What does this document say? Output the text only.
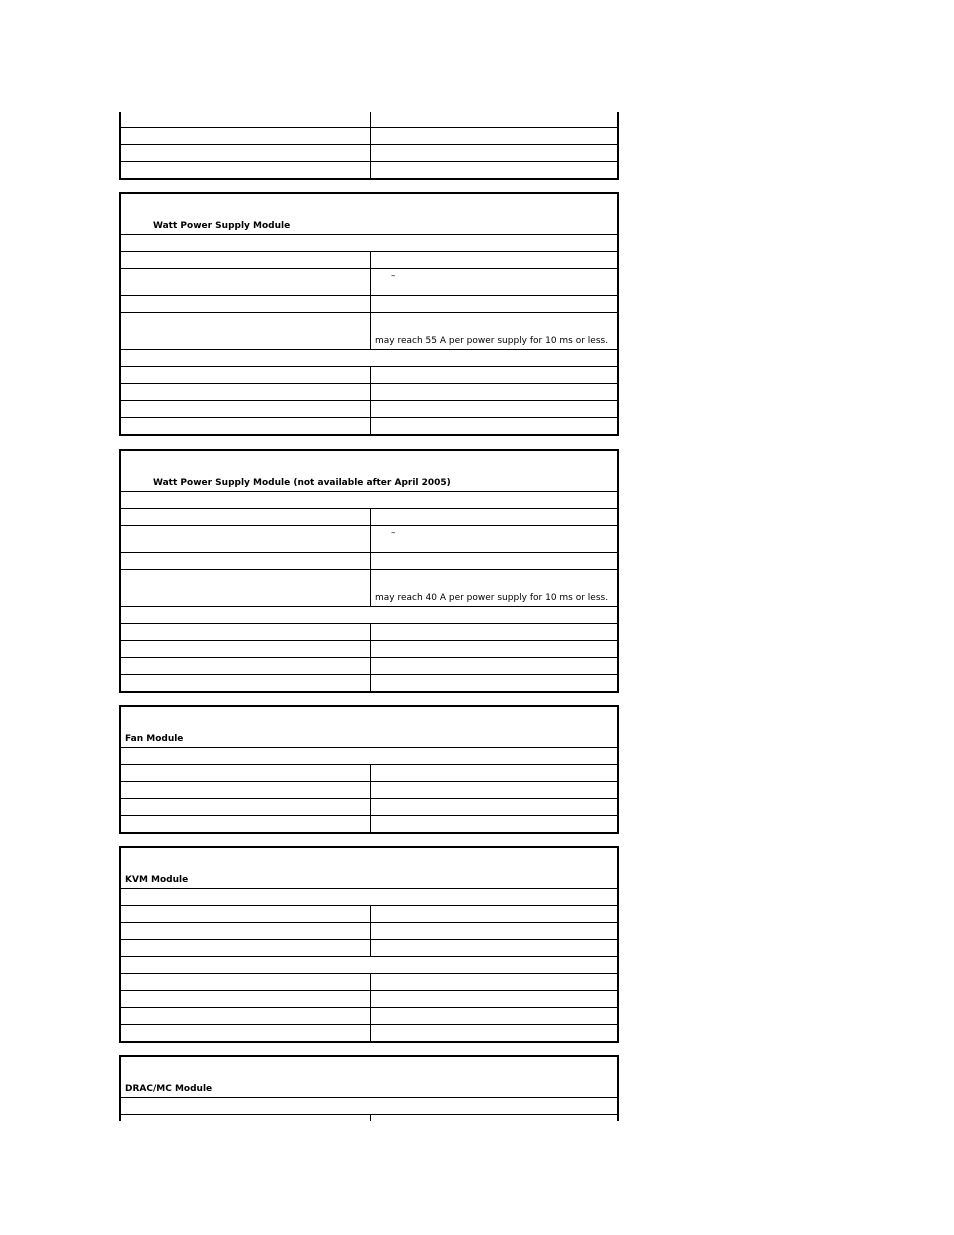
Watt Power Supply Module
–
may reach 55 A per power supply for 10 ms or less.
Watt Power Supply Module (not available after April 2005)
–
may reach 40 A per power supply for 10 ms or less.
Fan Module
KVM Module
DRAC/MC Module
